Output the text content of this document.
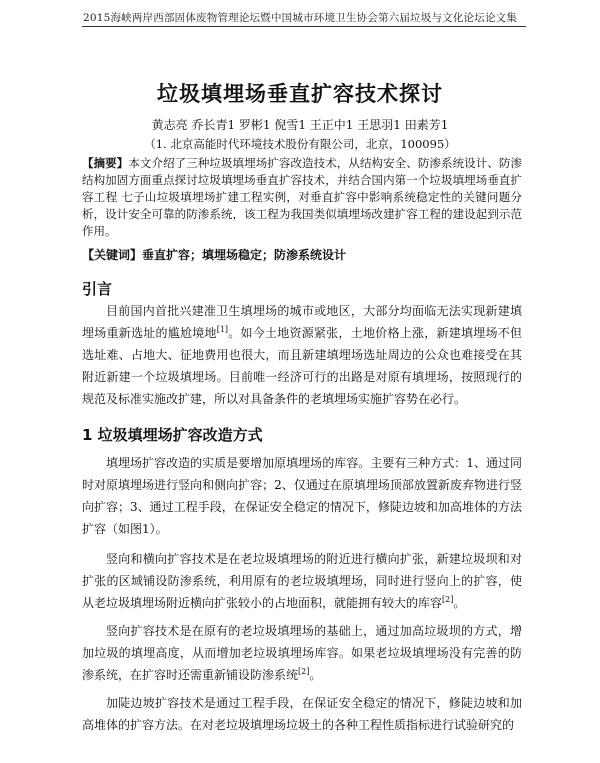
2015海峡两岸西部固体废物管理论坛暨中国城市环境卫生协会第六届垃圾与文化论坛论文集
垃圾填埋场垂直扩容技术探讨
黄志亮 乔长青1 罗彬1 倪雪1 王正中1 王思羽1 田素芳1
（1. 北京高能时代环境技术股份有限公司，北京，100095）
【摘要】本文介绍了三种垃圾填埋场扩容改造技术，从结构安全、防渗系统设计、防渗结构加固方面重点探讨垃圾填埋场垂直扩容技术，并结合国内第一个垃圾填埋场垂直扩容工程 七子山垃圾填埋场扩建工程实例，对垂直扩容中影响系统稳定性的关键问题分析，设计安全可靠的防渗系统，该工程为我国类似填埋场改建扩容工程的建设起到示范作用。
【关键词】垂直扩容；填埋场稳定；防渗系统设计
引言

目前国内首批兴建准卫生填埋场的城市或地区，大部分均面临无法实现新建填埋场重新选址的尴尬境地[1]。如今土地资源紧张，土地价格上涨，新建填埋场不但选址难、占地大、征地费用也很大，而且新建填埋场选址周边的公众也难接受在其附近新建一个垃圾填埋场。目前唯一经济可行的出路是对原有填埋场，按照现行的规范及标准实施改扩建，所以对具备条件的老填埋场实施扩容势在必行。

1 垃圾填埋场扩容改造方式

填埋场扩容改造的实质是要增加原填埋场的库容。主要有三种方式：1、通过同时对原填埋场进行竖向和侧向扩容；2、仅通过在原填埋场顶部放置新废弃物进行竖向扩容；3、通过工程手段，在保证安全稳定的情况下，修陡边坡和加高堆体的方法扩容（如图1）。

竖向和横向扩容技术是在老垃圾填埋场的附近进行横向扩张，新建垃圾坝和对扩张的区域铺设防渗系统，利用原有的老垃圾填埋场，同时进行竖向上的扩容，使从老垃圾填埋场附近横向扩张较小的占地面积，就能拥有较大的库容[2]。

竖向扩容技术是在原有的老垃圾填埋场的基础上，通过加高垃圾坝的方式，增加垃圾的填埋高度，从而增加老垃圾填埋场库容。如果老垃圾填埋场没有完善的防渗系统，在扩容时还需重新铺设防渗系统[2]。

加陡边坡扩容技术是通过工程手段，在保证安全稳定的情况下，修陡边坡和加高堆体的扩容方法。在对老垃圾填埋场垃圾土的各种工程性质指标进行试验研究的
